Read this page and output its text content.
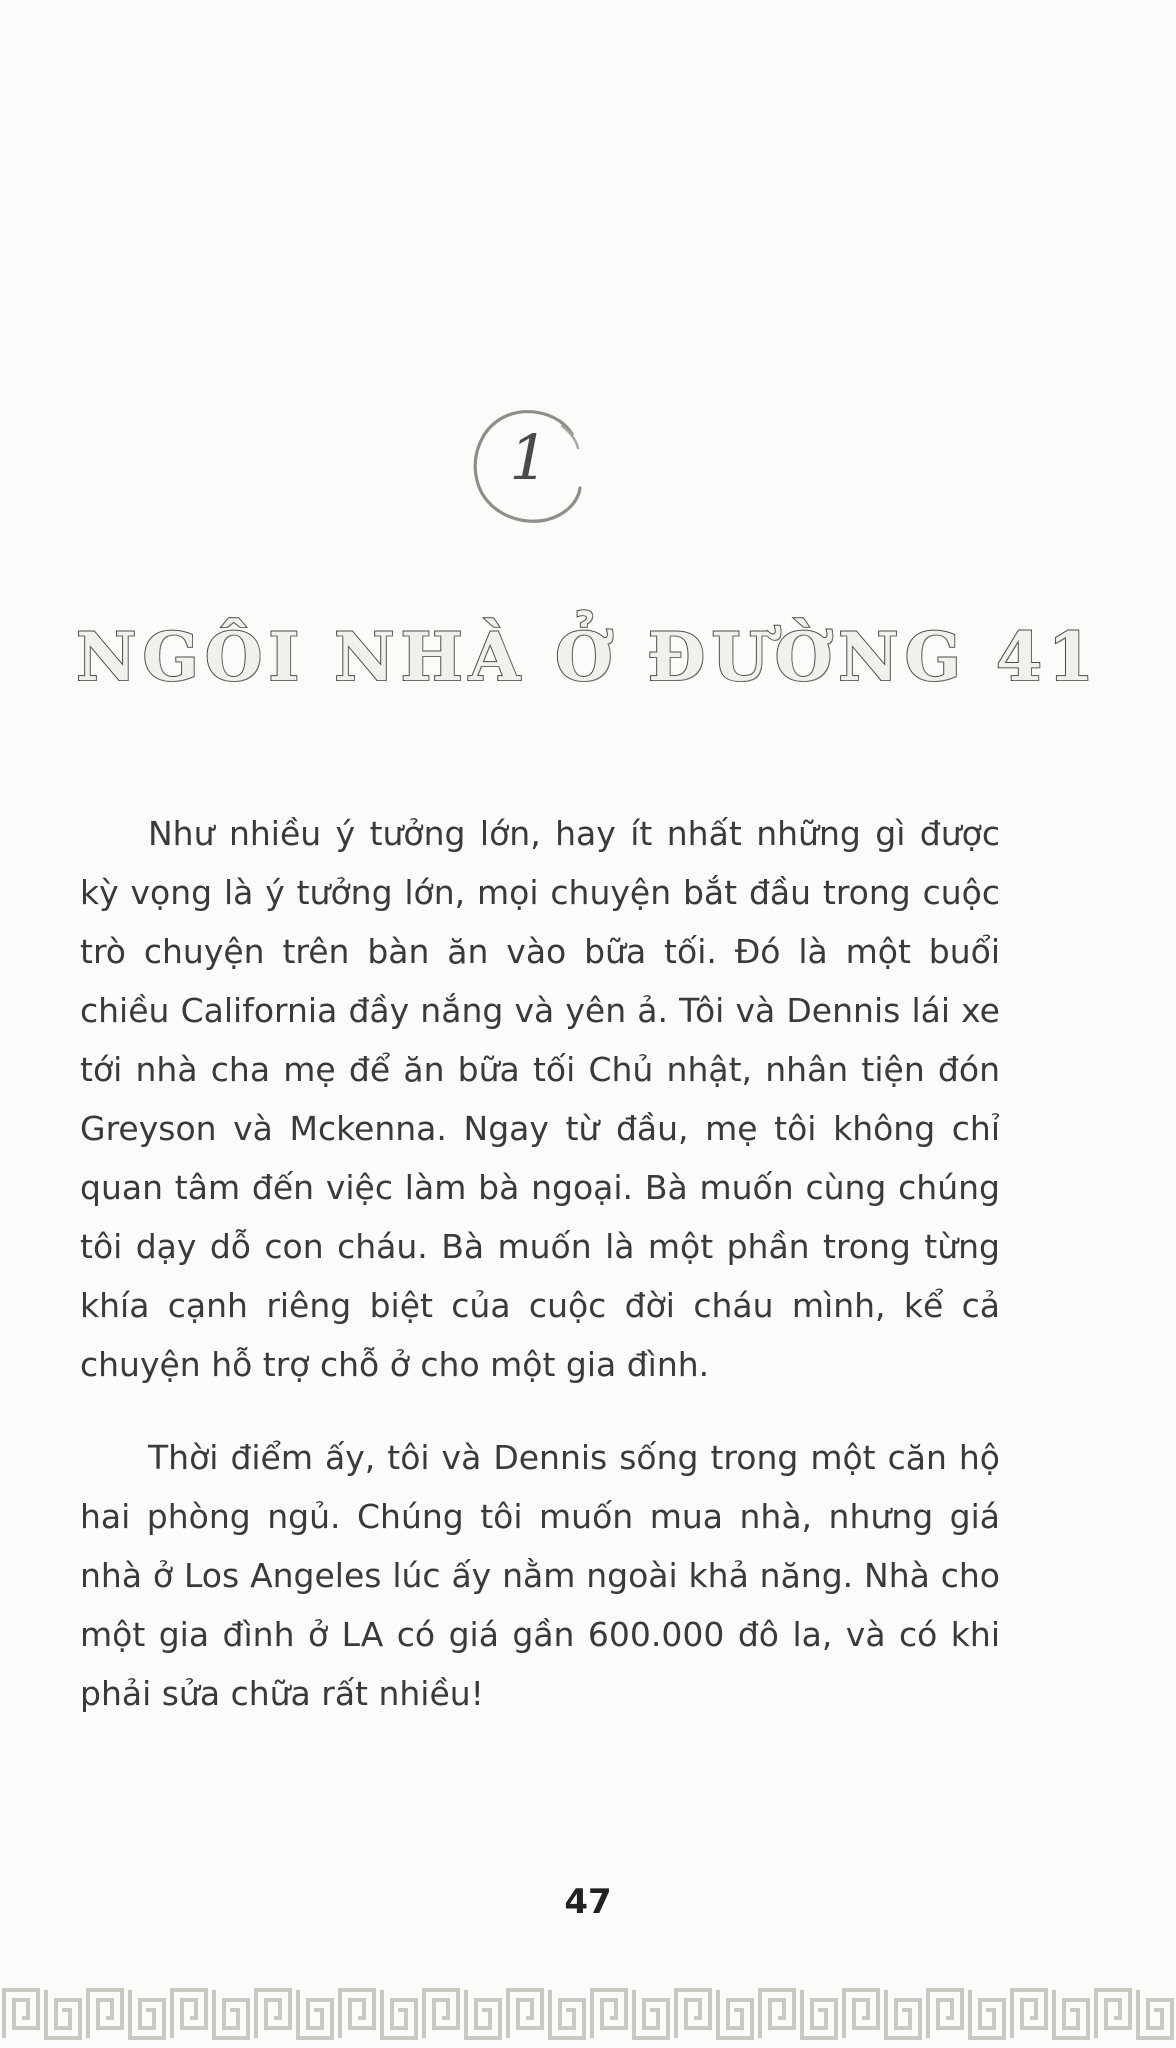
1
NGÔI NHÀ Ở ĐƯỜNG 41

Như nhiều ý tưởng lớn, hay ít nhất những gì được kỳ vọng là ý tưởng lớn, mọi chuyện bắt đầu trong cuộc trò chuyện trên bàn ăn vào bữa tối. Đó là một buổi chiều California đầy nắng và yên ả. Tôi và Dennis lái xe tới nhà cha mẹ để ăn bữa tối Chủ nhật, nhân tiện đón Greyson và Mckenna. Ngay từ đầu, mẹ tôi không chỉ quan tâm đến việc làm bà ngoại. Bà muốn cùng chúng tôi dạy dỗ con cháu. Bà muốn là một phần trong từng khía cạnh riêng biệt của cuộc đời cháu mình, kể cả chuyện hỗ trợ chỗ ở cho một gia đình.

Thời điểm ấy, tôi và Dennis sống trong một căn hộ hai phòng ngủ. Chúng tôi muốn mua nhà, nhưng giá nhà ở Los Angeles lúc ấy nằm ngoài khả năng. Nhà cho một gia đình ở LA có giá gần 600.000 đô la, và có khi phải sửa chữa rất nhiều!

47
